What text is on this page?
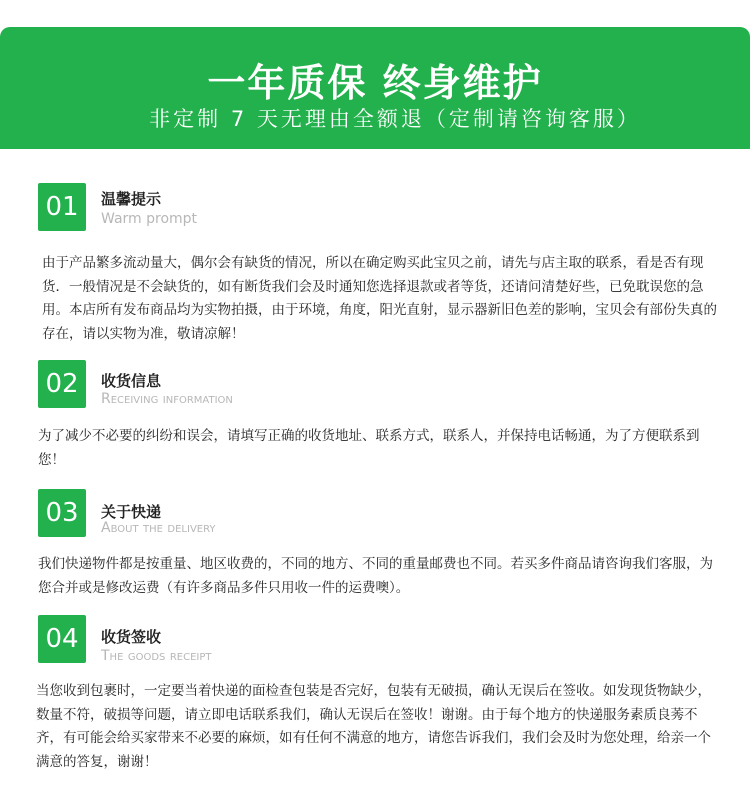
一年质保 终身维护
非定制 7 天无理由全额退（定制请咨询客服）
01	温馨提示
Warm prompt
由于产品繁多流动量大，偶尔会有缺货的情况，所以在确定购买此宝贝之前，请先与店主取的联系，看是否有现货．一般情况是不会缺货的，如有断货我们会及时通知您选择退款或者等货，还请问清楚好些，已免耽误您的急用。本店所有发布商品均为实物拍摄，由于环境，角度，阳光直射，显示器新旧色差的影响，宝贝会有部份失真的存在，请以实物为准，敬请凉解！
02	收货信息
Receiving information
为了减少不必要的纠纷和误会，请填写正确的收货地址、联系方式，联系人，并保持电话畅通，为了方便联系到您！
03	关于快递
About the delivery
我们快递物件都是按重量、地区收费的，不同的地方、不同的重量邮费也不同。若买多件商品请咨询我们客服，为您合并或是修改运费（有许多商品多件只用收一件的运费噢）。
04	收货签收
The goods receipt
当您收到包裹时，一定要当着快递的面检查包装是否完好，包装有无破损，确认无误后在签收。如发现货物缺少，数量不符，破损等问题，请立即电话联系我们，确认无误后在签收！谢谢。由于每个地方的快递服务素质良莠不齐，有可能会给买家带来不必要的麻烦，如有任何不满意的地方，请您告诉我们，我们会及时为您处理，给亲一个满意的答复，谢谢！
